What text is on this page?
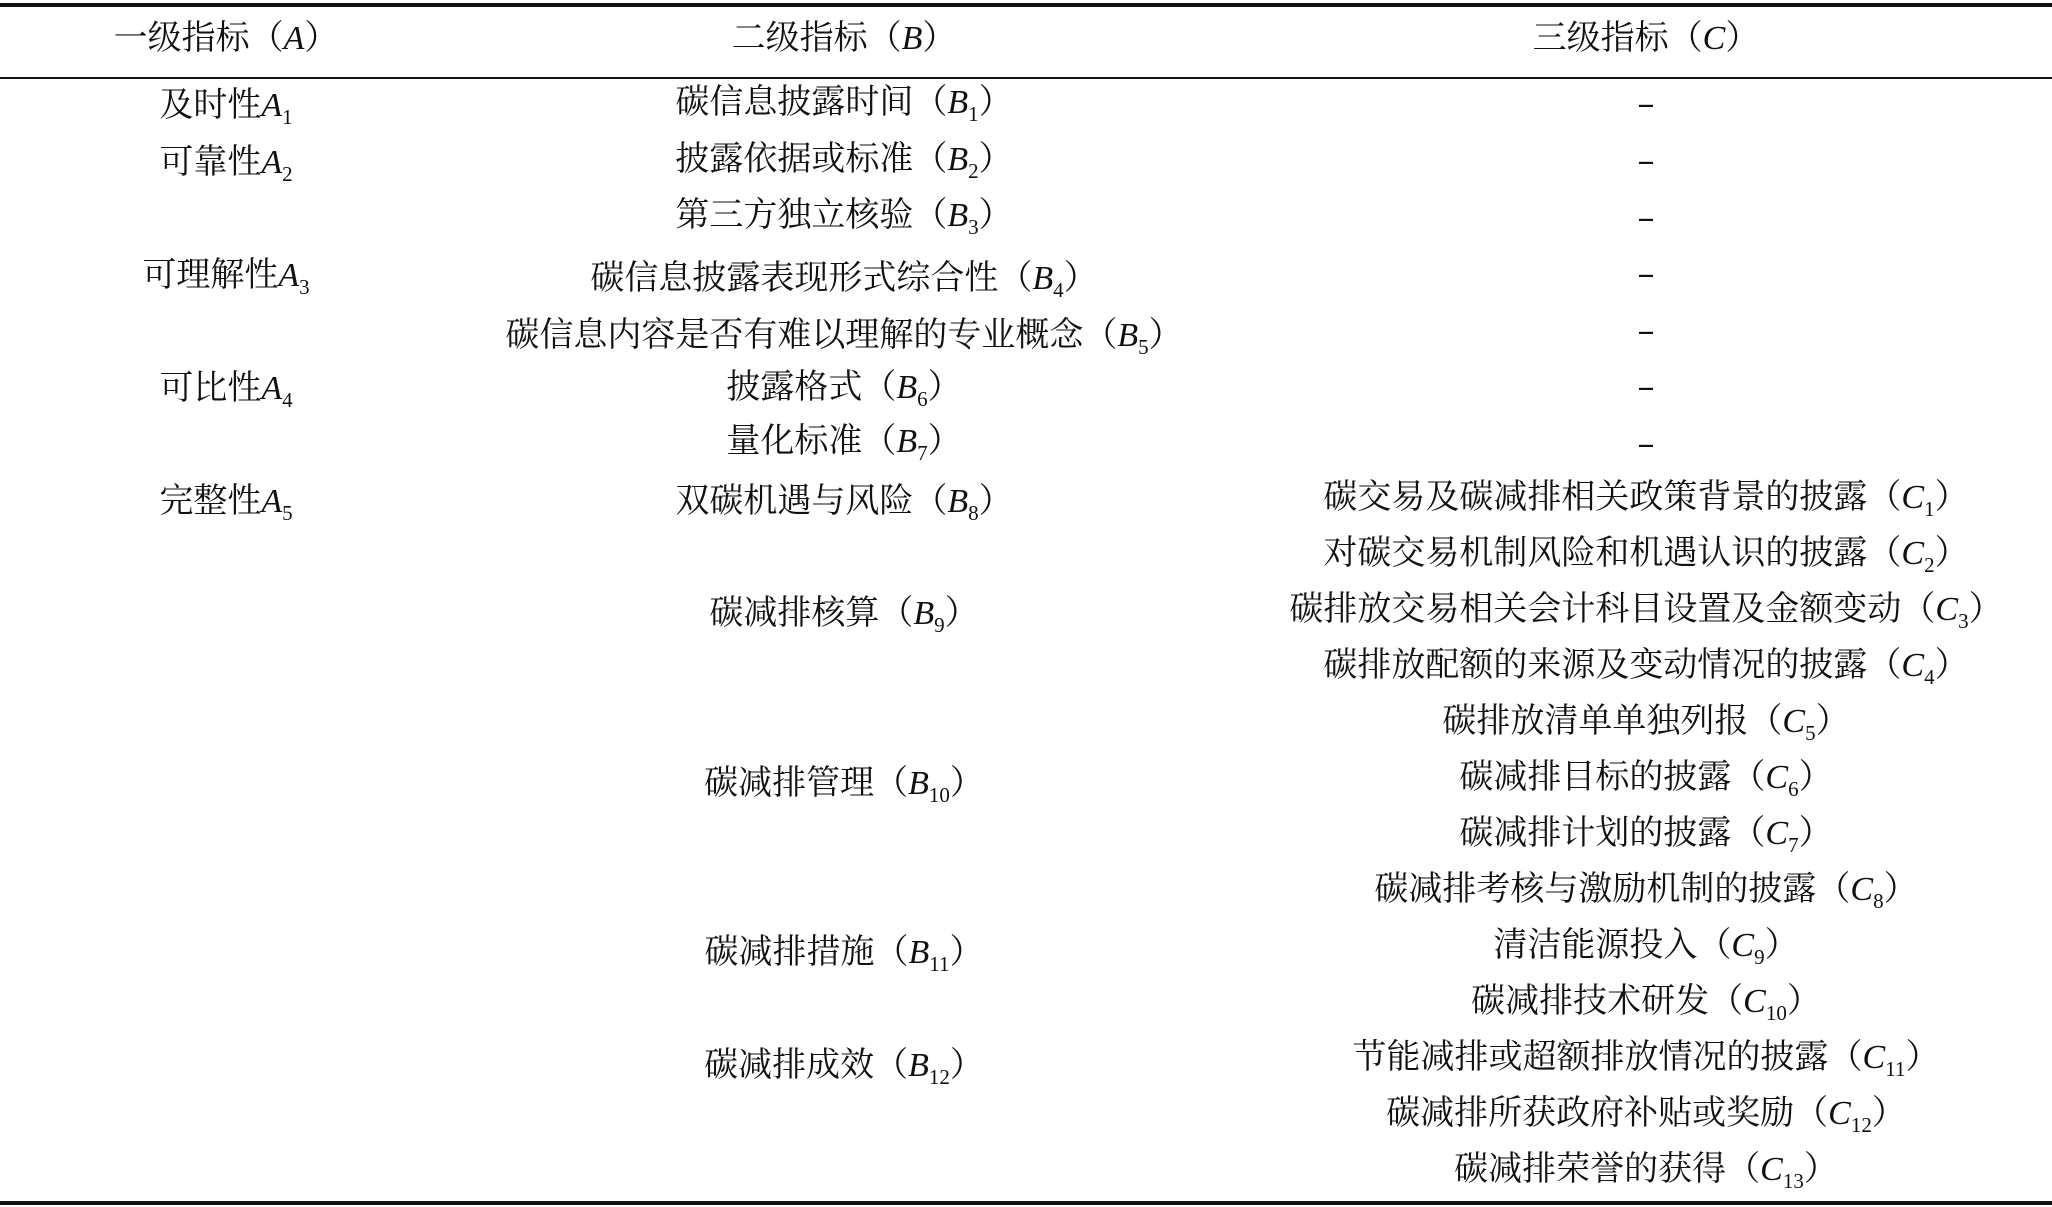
一级指标（A）	二级指标（B）	三级指标（C）
及时性$A_1$
可靠性$A_2$
可理解性$A_3$
可比性$A_4$
完整性$A_5$
碳信息披露时间$(B_1)$
披露依据或标准$(B_2)$
第三方独立核验$(B_3)$
碳信息披露表现形式综合性$(B_4)$
碳信息内容是否有难以理解的专业概念$(B_5)$
披露格式$(B_6)$
量化标准$(B_7)$
双碳机遇与风险$(B_8)$
碳减排核算$(B_9)$
碳减排管理$(B_{10})$
碳减排措施$(B_{11})$
碳减排成效$(B_{12})$
–
–
–
–
–
–
–
碳交易及碳减排相关政策背景的披露$(C_1)$
对碳交易机制风险和机遇认识的披露$(C_2)$
碳排放交易相关会计科目设置及金额变动$(C_3)$
碳排放配额的来源及变动情况的披露$(C_4)$
碳排放清单单独列报$(C_5)$
碳减排目标的披露$(C_6)$
碳减排计划的披露$(C_7)$
碳减排考核与激励机制的披露$(C_8)$
清洁能源投入$(C_9)$
碳减排技术研发$(C_{10})$
节能减排或超额排放情况的披露$(C_{11})$
碳减排所获政府补贴或奖励$(C_{12})$
碳减排荣誉的获得$(C_{13})$
